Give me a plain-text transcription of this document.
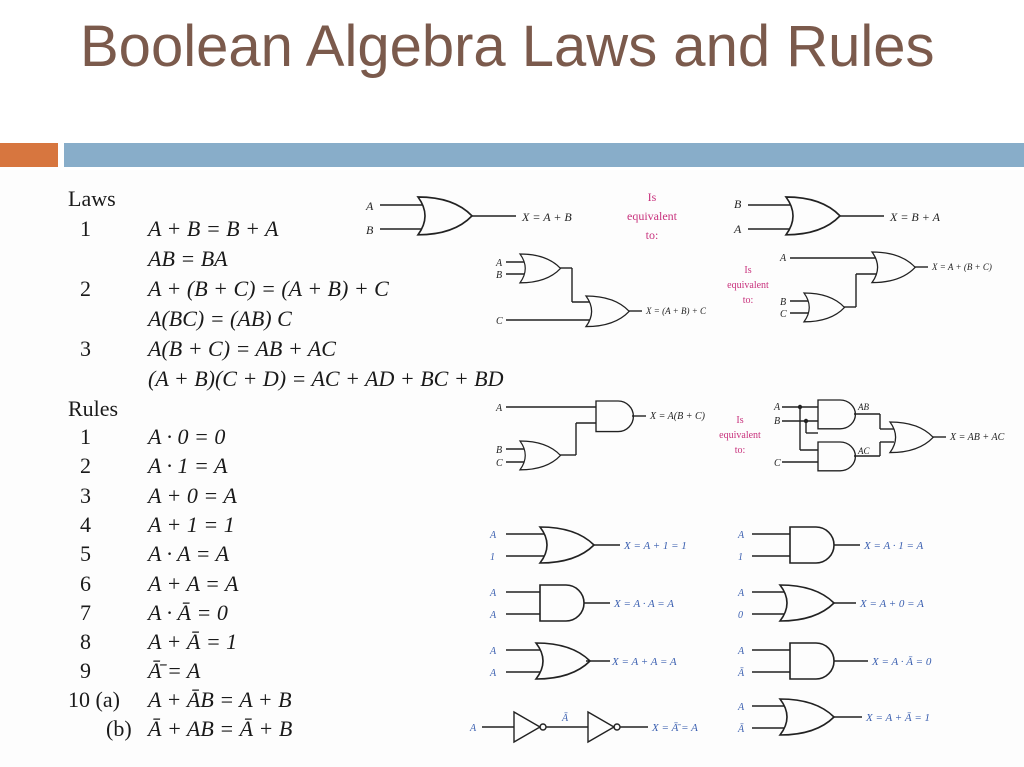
Boolean Algebra Laws and Rules
Laws
1	A + B = B + A
AB = BA
2	A + (B + C) = (A + B) + C
A(BC) = (AB) C
3	A(B + C) = AB + AC
(A + B)(C + D) = AC + AD + BC + BD
Rules
1	A · 0 = 0
2	A · 1 = A
3	A + 0 = A
4	A + 1 = 1
5	A · A = A
6	A + A = A
7	A · Ā = 0
8	A + Ā = 1
9	Ā̄ = A
10 (a) A + ĀB = A + B
(b) Ā + AB = Ā + B
A
B
X = A + B
Is
equivalent
to:
B
A
X = B + A
A
B
C
X = (A + B) + C
Is
equivalent
to:
A
B
C
X = A + (B + C)
A
B
C
X = A(B + C)	Is
equivalent
to:
A
B
C
AB
AC
X = AB + AC
A
1
X = A + 1 = 1
A
1
X = A · 1 = A
A
A
X = A · A = A
A
0
X = A + 0 = A
A
A
X = A + A = A
A
Ā
X = A · Ā = 0
A
Ā
X = Ā̄ = A
A
Ā
X = A + Ā = 1
